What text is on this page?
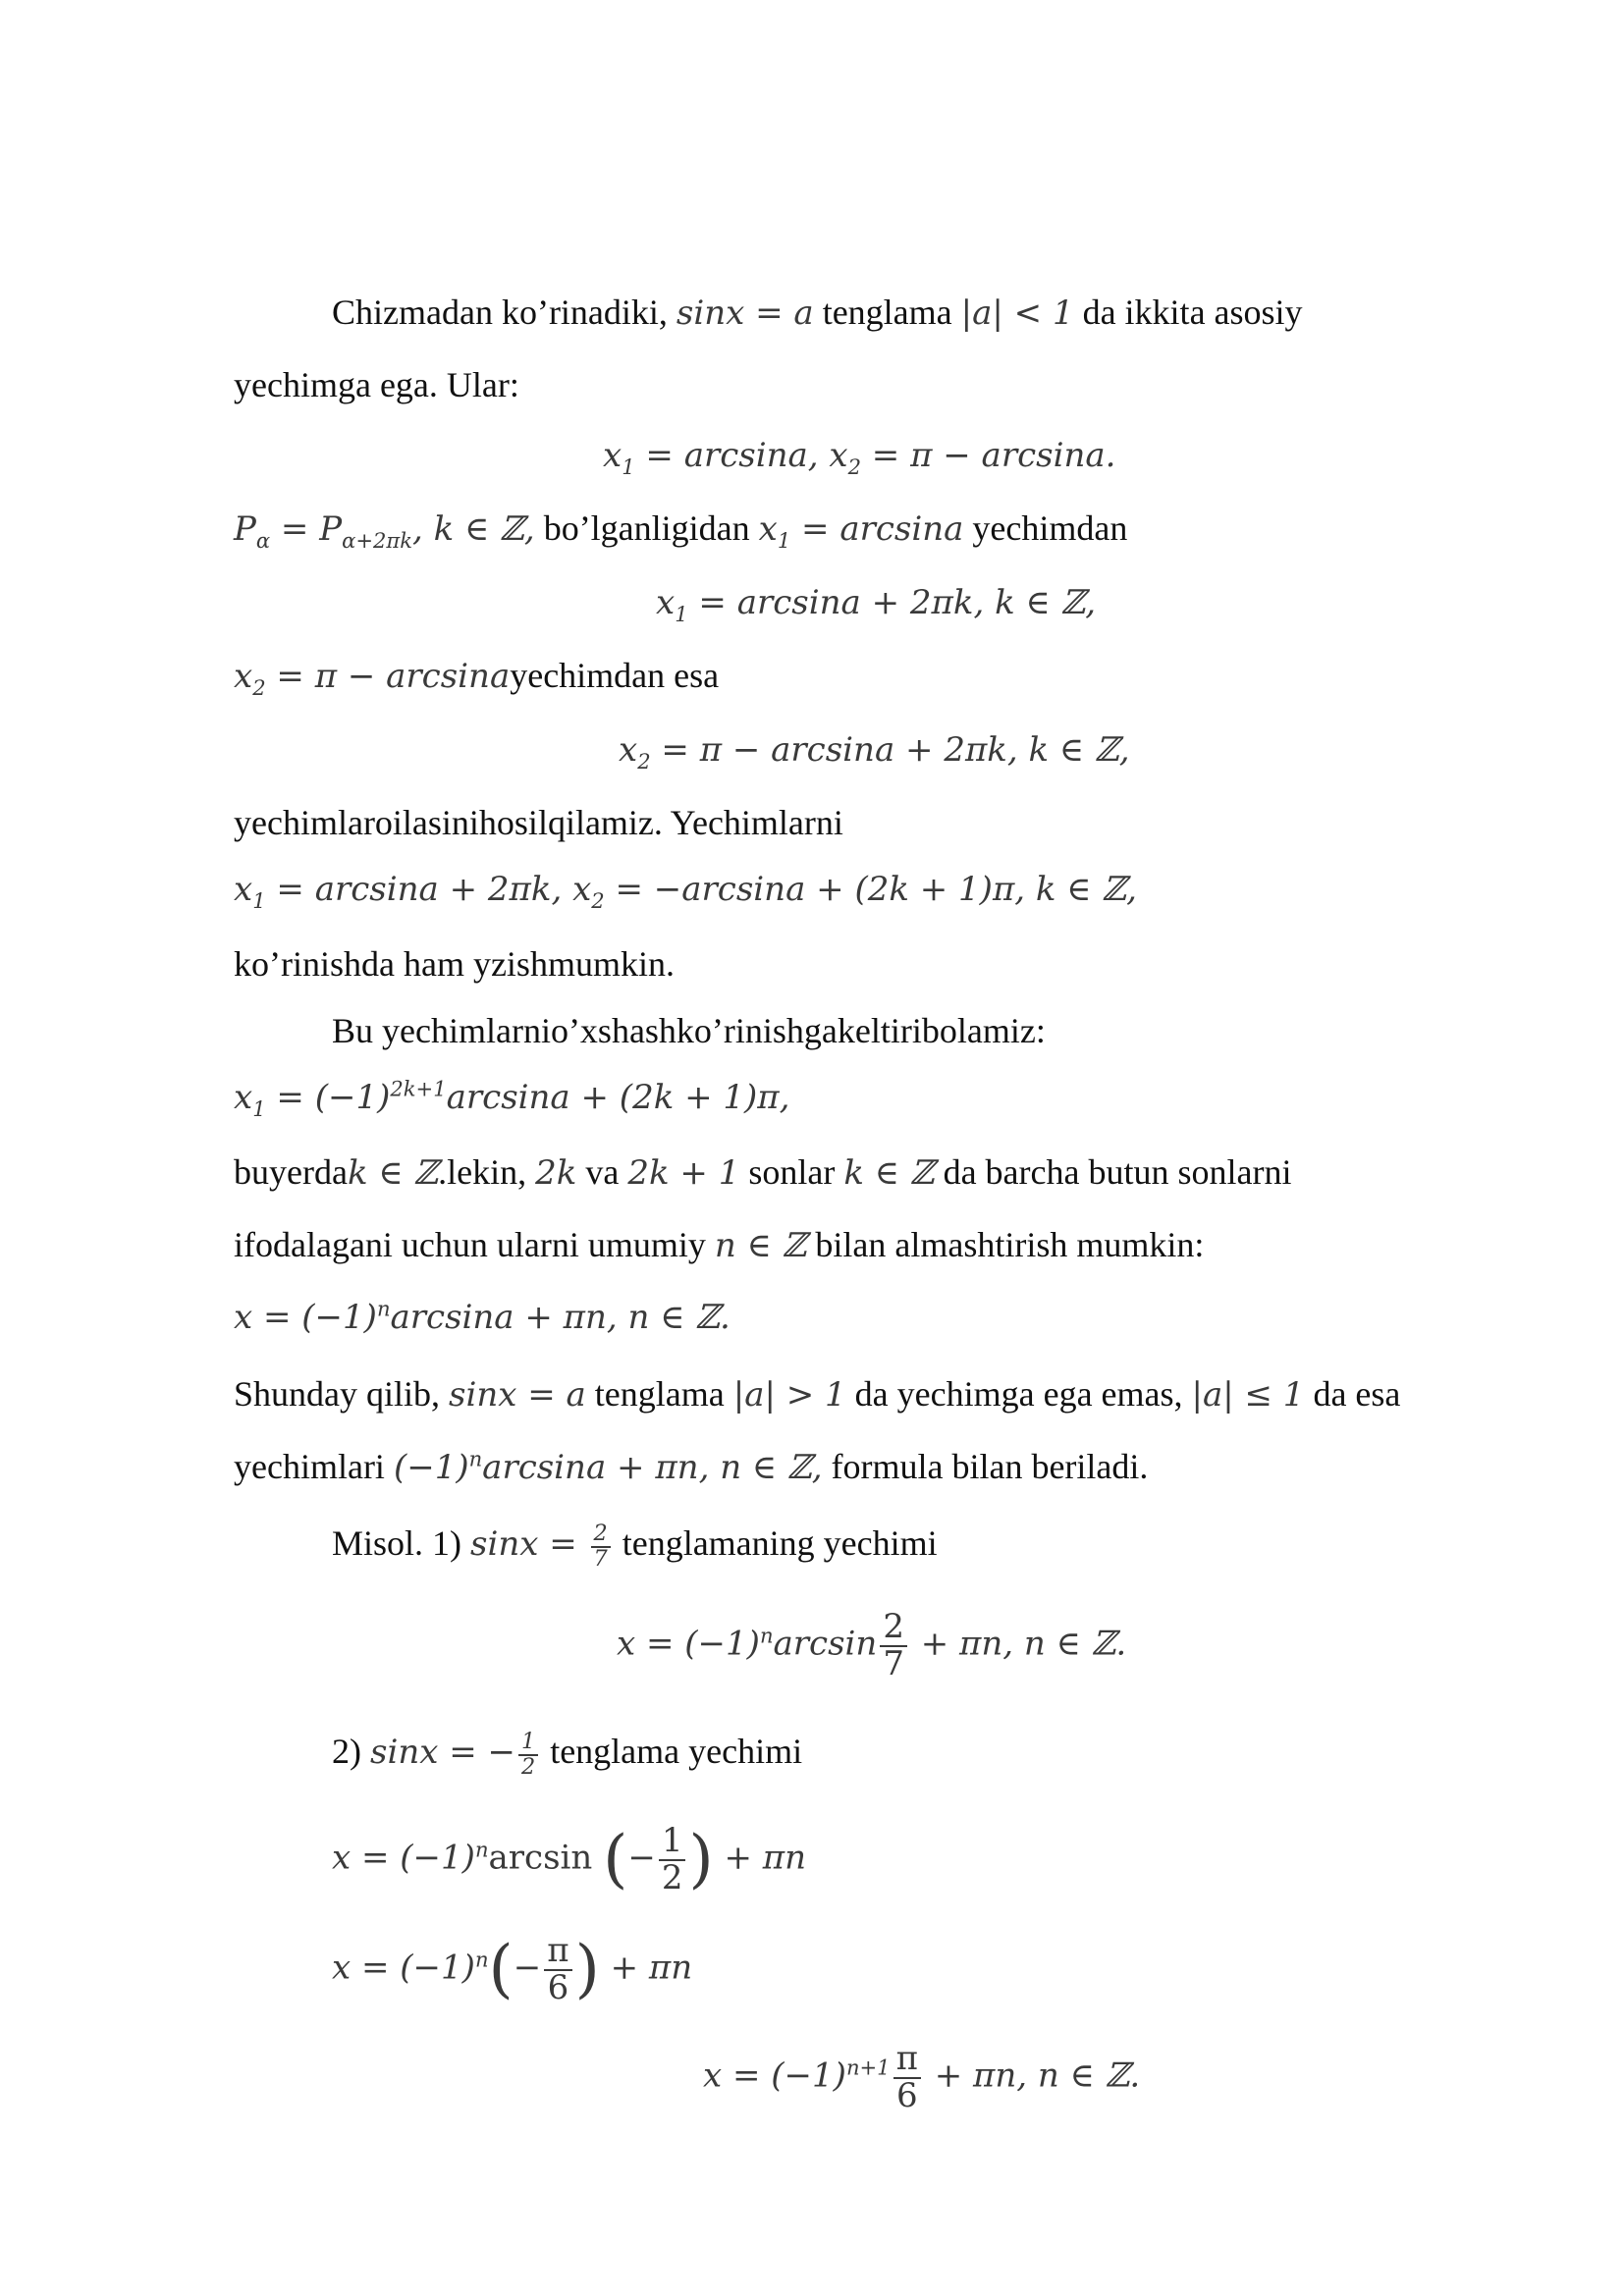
Chizmadan ko’rinadiki, sinx = a tenglama |a| < 1 da ikkita asosiy
yechimga ega. Ular:
$x_1 = \arcsin a$, $x_2 = \pi - \arcsin a$.
$P_\alpha = P_{\alpha+2\pi k}$, k ∈ ℤ, bo’lganligidan $x_1 = \arcsin a$ yechimdan
$x_1 = \arcsin a + 2\pi k$, k ∈ ℤ,
$x_2 = \pi$ − arcsinayechimdan esa
$x_2 = \pi - \arcsin a + 2\pi k$, k ∈ ℤ,
yechimlaroilasinihosilqilamiz. Yechimlarni
$x_1 = \arcsin a + 2\pi k$, $x_2 = -\arcsin a + (2k + 1)\pi$, k ∈ ℤ,
ko’rinishda ham yzishmumkin.
Bu yechimlarnio’xshashko’rinishgakeltiribolamiz:
$x_1 = (-1)^{2k+1}\arcsin a + (2k + 1)\pi$,
buyerdak ∈ ℤ.lekin, 2k va 2k + 1 sonlar k ∈ ℤ da barcha butun sonlarni
ifodalagani uchun ularni umumiy n ∈ ℤ bilan almashtirish mumkin:
$x = (-1)^n\arcsin a + \pi n$, n ∈ ℤ.
Shunday qilib, sinx = a tenglama |a| > 1 da yechimga ega emas, |a| ≤ 1 da esa
yechimlari $(-1)^n\arcsin a + \pi n$, n ∈ ℤ, formula bilan beriladi.
Misol. 1) $\sin x = \frac{2}{7}$ tenglamaning yechimi
$x = (-1)^n\arcsin \frac{2}{7} + \pi n$, n ∈ ℤ.
2) sinx = − $\frac{1}{2}$ tenglama yechimi
$x = (-1)^n\arcsin$ (− $\frac{1}{2}$ ) + πn
$x = (-1)^n(- \frac{\pi}{6}$ ) + πn
$x = (-1)^{n+1} \frac{\pi}{6} + \pi n$, n ∈ ℤ.
